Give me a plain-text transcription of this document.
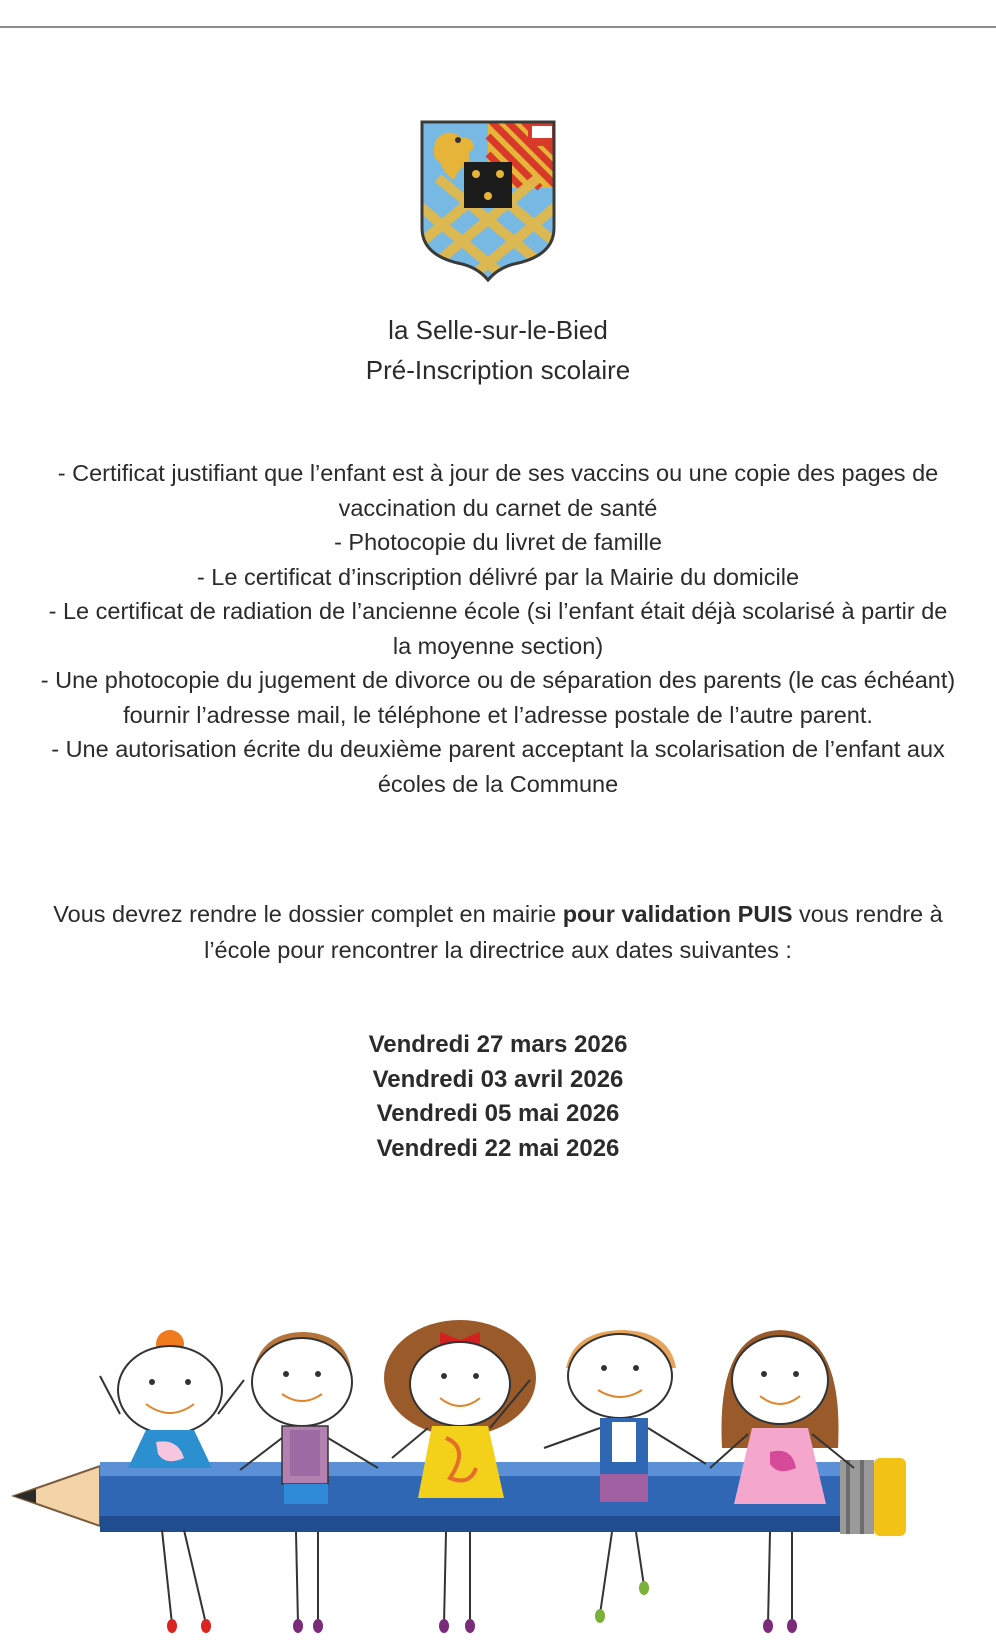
la Selle-sur-le-Bied
Pré-Inscription scolaire

- Certificat justifiant que l’enfant est à jour de ses vaccins ou une copie des pages de vaccination du carnet de santé

- Photocopie du livret de famille

- Le certificat d’inscription délivré par la Mairie du domicile

- Le certificat de radiation de l’ancienne école (si l’enfant était déjà scolarisé à partir de la moyenne section)

- Une photocopie du jugement de divorce ou de séparation des parents (le cas échéant) fournir l’adresse mail, le téléphone et l’adresse postale de l’autre parent.

- Une autorisation écrite du deuxième parent acceptant la scolarisation de l’enfant aux écoles de la Commune

Vous devrez rendre le dossier complet en mairie pour validation PUIS vous rendre à l’école pour rencontrer la directrice aux dates suivantes :

Vendredi 27 mars 2026
Vendredi 03 avril 2026
Vendredi 05 mai 2026
Vendredi 22 mai 2026
